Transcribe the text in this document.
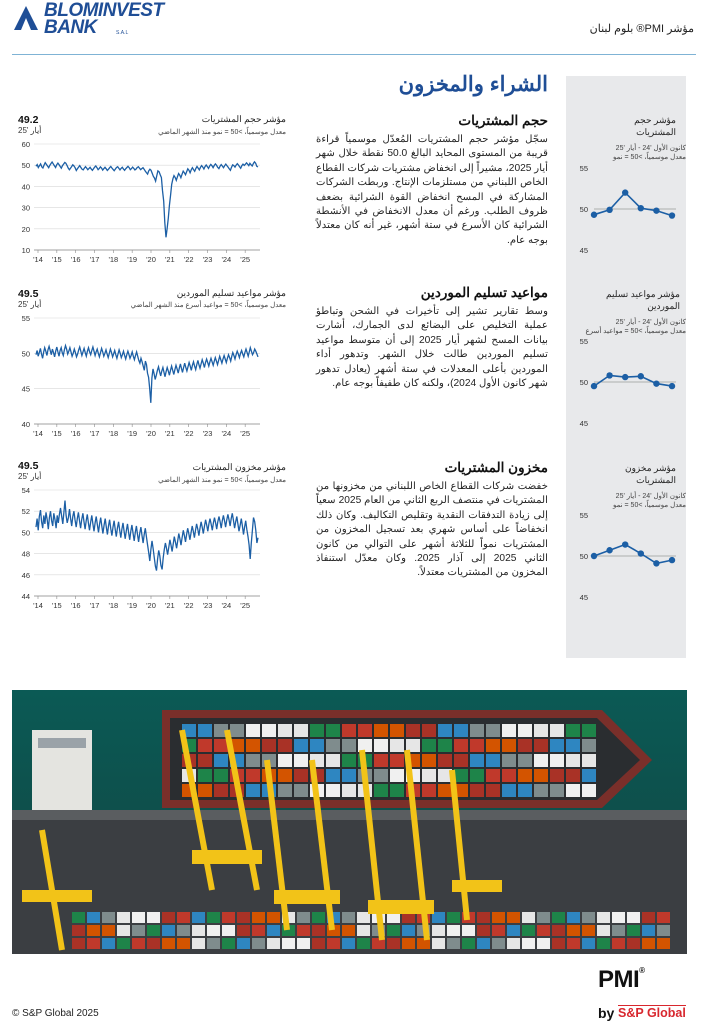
BLOMINVEST
BANK	S.A.L	مؤشر PMI® بلوم لبنان
الشراء والمخزون
حجم المشتريات
سجّل مؤشر حجم المشتريات المُعدّل موسمياً قراءة قريبة من المستوى المحايد البالغ 50.0 نقطة خلال شهر أيار 2025، مشيراً إلى انخفاض مشتريات شركات القطاع الخاص اللبناني من مستلزمات الإنتاج. وربطت الشركات المشاركة في المسح انخفاض القوة الشرائية بضعف ظروف الطلب. ورغم أن معدل الانخفاض في الأنشطة الشرائية كان الأسرع في ستة أشهر، غير أنه كان معتدلاً بوجه عام.
مؤشر حجم المشتريات
معدل موسمياً، >50 = نمو منذ الشهر الماضي
49.2
أيار '25
10
20
30
40
50
60
'14 '15 '16 '17 '18 '19 '20 '21 '22 '23 '24 '25
مؤشر حجم المشتريات
كانون الأول '24 - أيار '25
معدل موسمياً، >50 = نمو
45
50
55
مواعيد تسليم الموردين
وسط تقارير تشير إلى تأخيرات في الشحن وتباطؤ عملية التخليص على البضائع لدى الجمارك، أشارت بيانات المسح لشهر أيار 2025 إلى أن متوسط مواعيد تسليم الموردين طالت خلال الشهر. وتدهور أداء الموردين بأعلى المعدلات في ستة أشهر (يعادل تدهور شهر كانون الأول 2024)، ولكنه كان طفيفاً بوجه عام.
مؤشر مواعيد تسليم الموردين
معدل موسمياً، >50 = مواعيد أسرع منذ الشهر الماضي
49.5
أيار '25
40
45
50
55
'14 '15 '16 '17 '18 '19 '20 '21 '22 '23 '24 '25
مؤشر مواعيد تسليم الموردين
كانون الأول '24 - أيار '25
معدل موسمياً، >50 = مواعيد أسرع
45
50
55
مخزون المشتريات
خفضت شركات القطاع الخاص اللبناني من مخزونها من المشتريات في منتصف الربع الثاني من العام 2025 سعياً إلى زيادة التدفقات النقدية وتقليص التكاليف. وكان ذلك انخفاضاً على أساس شهري بعد تسجيل المخزون من المشتريات نمواً للثلاثة أشهر على التوالي من كانون الثاني 2025 إلى آذار 2025. وكان معدّل استنفاذ المخزون من المشتريات معتدلاً.
مؤشر مخزون المشتريات
معدل موسمياً، >50 = نمو منذ الشهر الماضي
49.5
أيار '25
44
46
48
50
52
54
'14 '15 '16 '17 '18 '19 '20 '21 '22 '23 '24 '25
مؤشر مخزون المشتريات
كانون الأول '24 - أيار '25
معدل موسمياً، >50 = نمو
45
50
55
© S&P Global 2025
PMI®
by S&P Global
